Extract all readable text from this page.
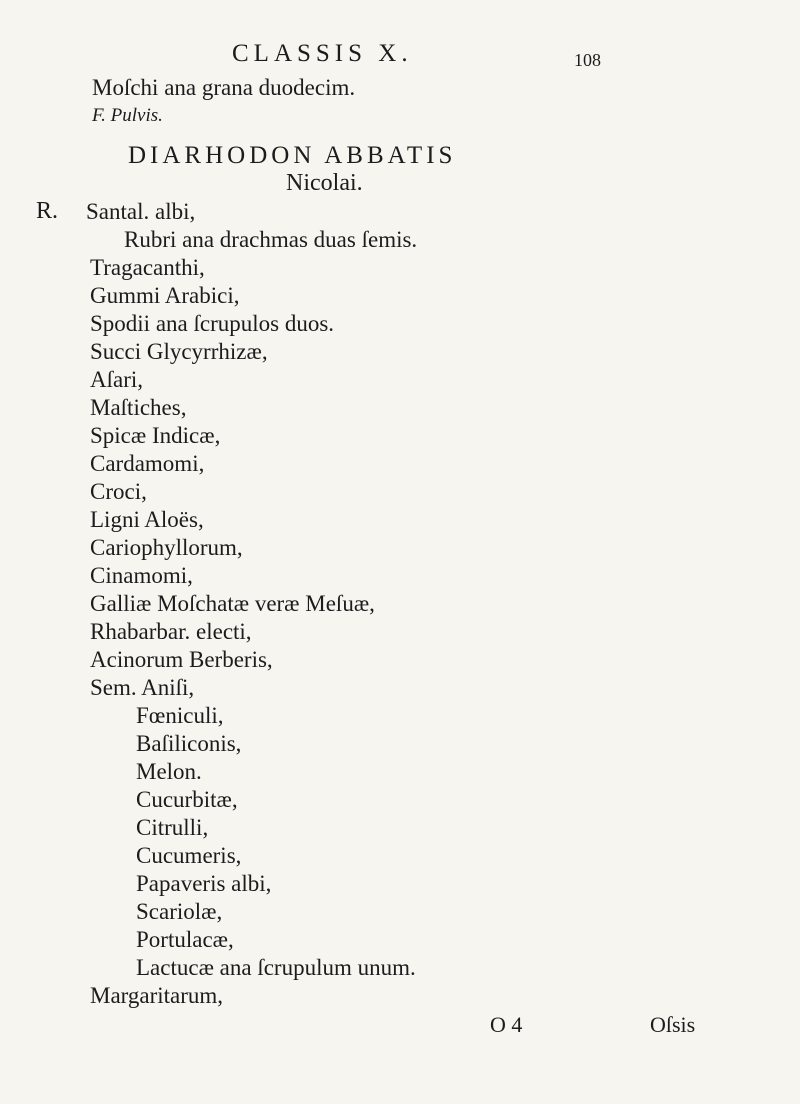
CLASSIS X.	108
Moſchi ana grana duodecim.
F. Pulvis.
DIARHODON ABBATIS
Nicolai.
R. Santal. albi,
Rubri ana drachmas duas ſemis.
Tragacanthi,
Gummi Arabici,
Spodii ana ſcrupulos duos.
Succi Glycyrrhizæ,
Aſari,
Maſtiches,
Spicæ Indicæ,
Cardamomi,
Croci,
Ligni Aloës,
Cariophyllorum,
Cinamomi,
Galliæ Moſchatæ veræ Meſuæ,
Rhabarbar. electi,
Acinorum Berberis,
Sem. Aniſi,
Fœniculi,
Baſiliconis,
Melon.
Cucurbitæ,
Citrulli,
Cucumeris,
Papaveris albi,
Scariolæ,
Portulacæ,
Lactucæ ana ſcrupulum unum.
Margaritarum,
O 4	Oſsis
